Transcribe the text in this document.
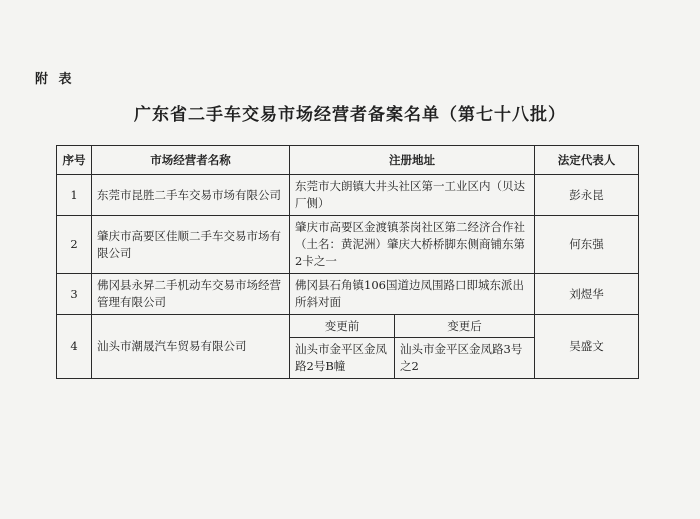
附 表
广东省二手车交易市场经营者备案名单（第七十八批）
序号	市场经营者名称	注册地址		法定代表人
1	东莞市昆胜二手车交易市场有限公司	东莞市大朗镇大井头社区第一工业区内（贝达厂侧）		彭永昆
2	肇庆市高要区佳顺二手车交易市场有限公司	肇庆市高要区金渡镇茶岗社区第二经济合作社（土名：黄泥洲）肇庆大桥桥脚东侧商铺东第2卡之一		何东强
3	佛冈县永昇二手机动车交易市场经营管理有限公司	佛冈县石角镇106国道边凤围路口即城东派出所斜对面		刘煜华
4	汕头市潮晟汽车贸易有限公司	变更前	变更后	吴盛文
		汕头市金平区金凤路2号B幢	汕头市金平区金凤路3号之2	
